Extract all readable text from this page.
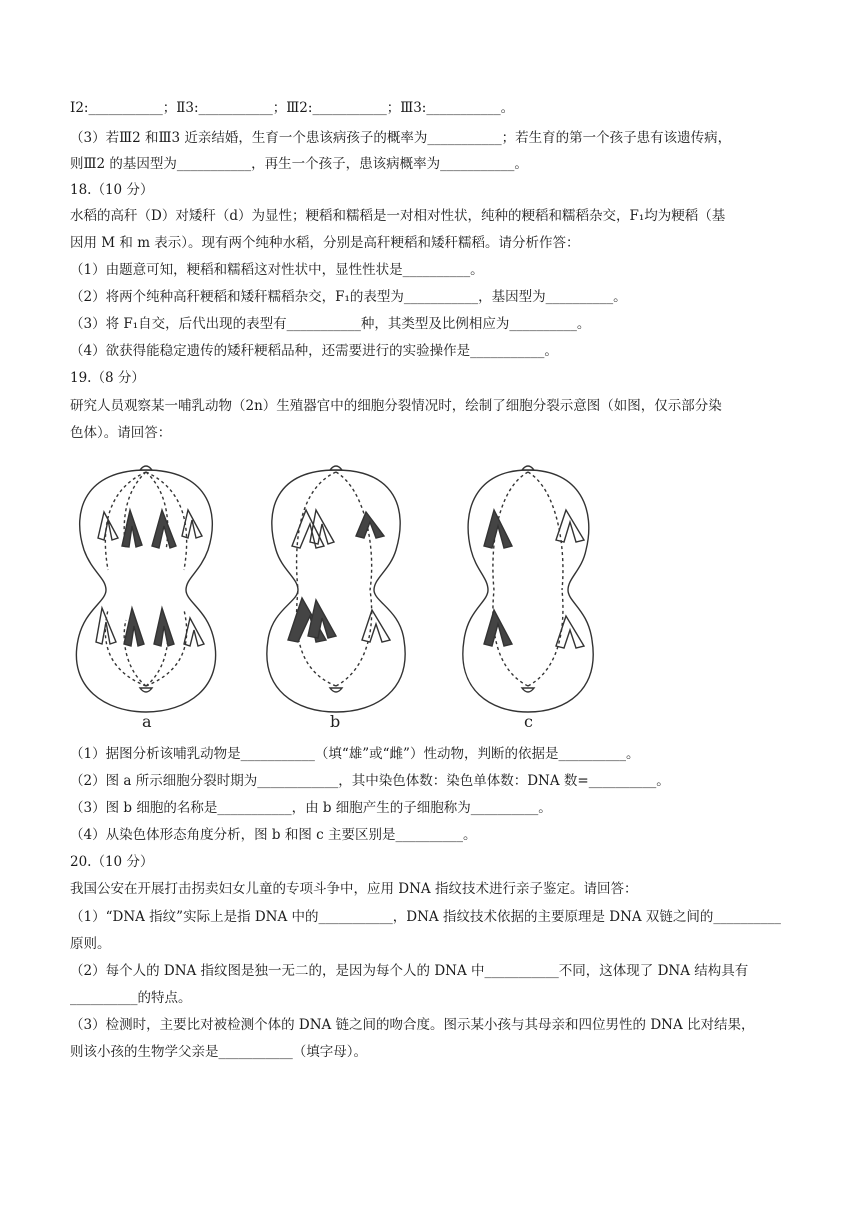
I2:___________；Ⅱ3:___________；Ⅲ2:___________；Ⅲ3:___________。
（3）若Ⅲ2 和Ⅲ3 近亲结婚，生育一个患该病孩子的概率为___________；若生育的第一个孩子患有该遗传病，
则Ⅲ2 的基因型为___________，再生一个孩子，患该病概率为___________。
18.（10 分）
水稻的高秆（D）对矮秆（d）为显性；粳稻和糯稻是一对相对性状，纯种的粳稻和糯稻杂交，F₁均为粳稻（基
因用 M 和 m 表示）。现有两个纯种水稻，分别是高秆粳稻和矮秆糯稻。请分析作答：
（1）由题意可知，粳稻和糯稻这对性状中，显性性状是__________。
（2）将两个纯种高秆粳稻和矮秆糯稻杂交，F₁的表型为___________，基因型为__________。
（3）将 F₁自交，后代出现的表型有___________种，其类型及比例相应为__________。
（4）欲获得能稳定遗传的矮秆粳稻品种，还需要进行的实验操作是___________。
19.（8 分）
研究人员观察某一哺乳动物（2n）生殖器官中的细胞分裂情况时，绘制了细胞分裂示意图（如图，仅示部分染
色体）。请回答：
a	b	c
（1）据图分析该哺乳动物是___________（填“雄”或“雌”）性动物，判断的依据是__________。
（2）图 a 所示细胞分裂时期为____________，其中染色体数：染色单体数：DNA 数=__________。
（3）图 b 细胞的名称是___________，由 b 细胞产生的子细胞称为__________。
（4）从染色体形态角度分析，图 b 和图 c 主要区别是__________。
20.（10 分）
我国公安在开展打击拐卖妇女儿童的专项斗争中，应用 DNA 指纹技术进行亲子鉴定。请回答：
（1）“DNA 指纹”实际上是指 DNA 中的___________，DNA 指纹技术依据的主要原理是 DNA 双链之间的__________
原则。
（2）每个人的 DNA 指纹图是独一无二的，是因为每个人的 DNA 中___________不同，这体现了 DNA 结构具有
__________的特点。
（3）检测时，主要比对被检测个体的 DNA 链之间的吻合度。图示某小孩与其母亲和四位男性的 DNA 比对结果，
则该小孩的生物学父亲是___________（填字母）。
